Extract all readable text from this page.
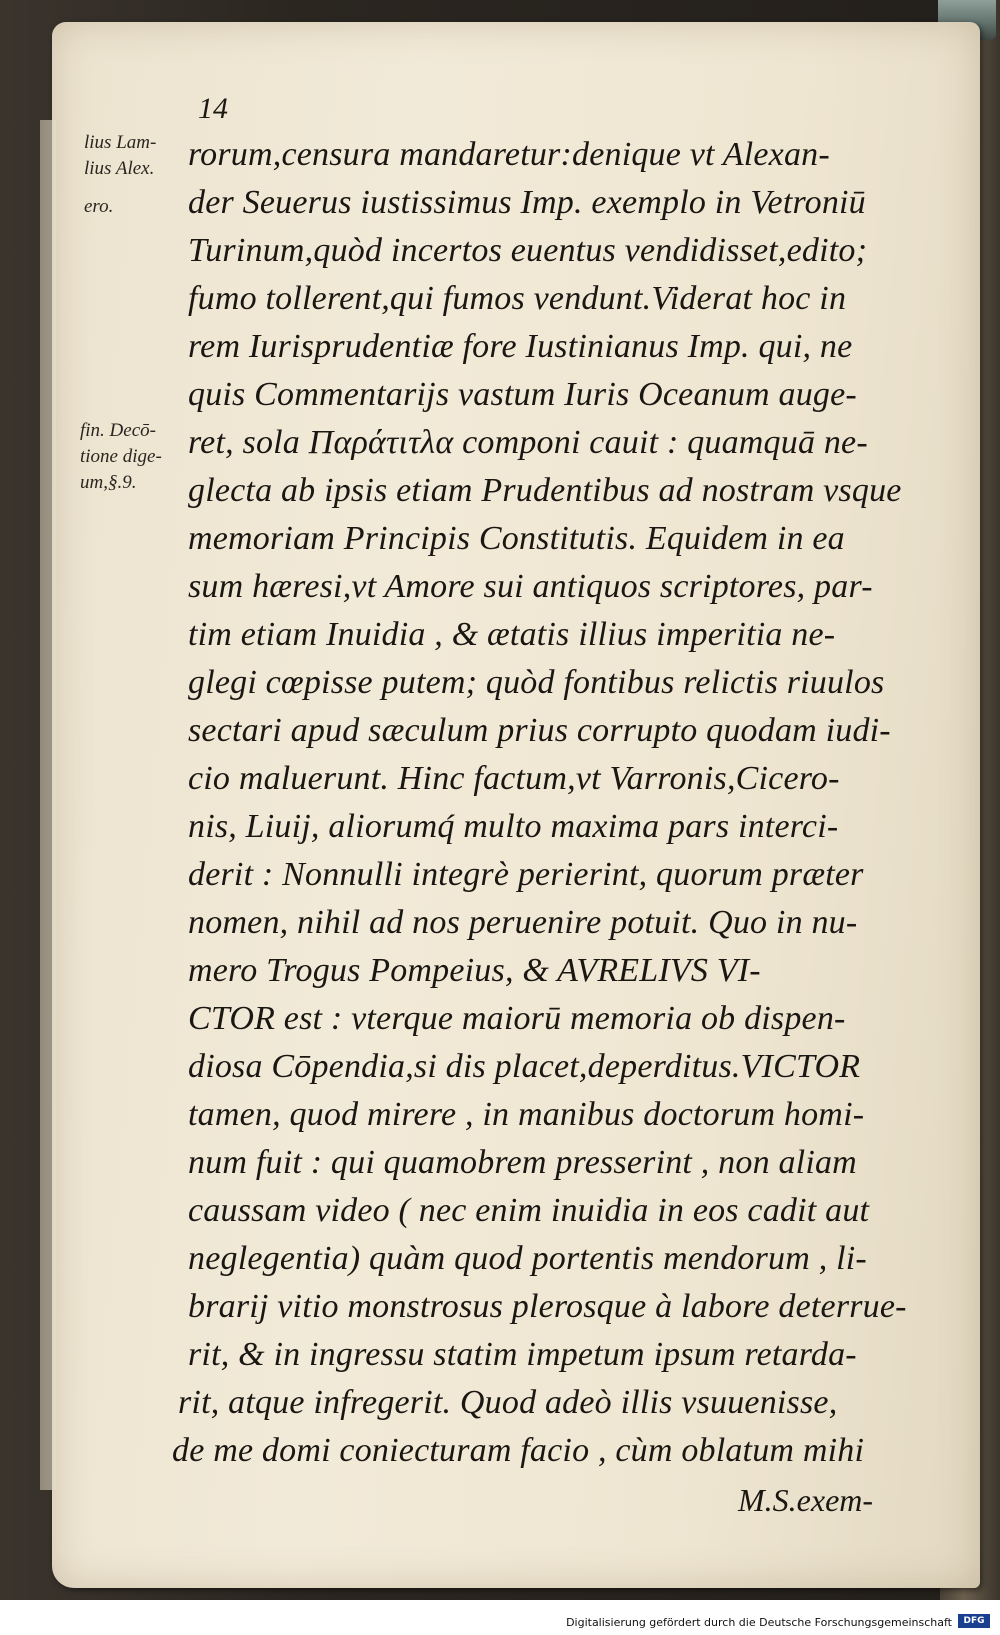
14
lius Lam-
lius Alex.
ero.
fin. Decō-
tione dige-
um,§.9.
rorum,censura mandaretur:denique vt Alexan-
der Seuerus iustissimus Imp. exemplo in Vetroniū
Turinum,quòd incertos euentus vendidisset,edito;
fumo tollerent,qui fumos vendunt.Viderat hoc in
rem Iurisprudentiæ fore Iustinianus Imp. qui, ne
quis Commentarijs vastum Iuris Oceanum auge-
ret, sola Παράτιτλα componi cauit : quamquā ne-
glecta ab ipsis etiam Prudentibus ad nostram vsque
memoriam Principis Constitutis. Equidem in ea
sum hæresi,vt Amore sui antiquos scriptores, par-
tim etiam Inuidia , & ætatis illius imperitia ne-
glegi cœpisse putem; quòd fontibus relictis riuulos
sectari apud sæculum prius corrupto quodam iudi-
cio maluerunt. Hinc factum,vt Varronis,Cicero-
nis, Liuij, aliorumq́ multo maxima pars interci-
derit : Nonnulli integrè perierint, quorum præter
nomen, nihil ad nos peruenire potuit. Quo in nu-
mero Trogus Pompeius, & AVRELIVS VI-
CTOR est : vterque maiorū memoria ob dispen-
diosa Cōpendia,si dis placet,deperditus.VICTOR
tamen, quod mirere , in manibus doctorum homi-
num fuit : qui quamobrem presserint , non aliam
caussam video ( nec enim inuidia in eos cadit aut
neglegentia) quàm quod portentis mendorum , li-
brarij vitio monstrosus plerosque à labore deterrue-
rit, & in ingressu statim impetum ipsum retarda-
rit, atque infregerit. Quod adeò illis vsuuenisse,
de me domi coniecturam facio , cùm oblatum mihi
M.S.exem-
Digitalisierung gefördert durch die Deutsche Forschungsgemeinschaft	DFG
